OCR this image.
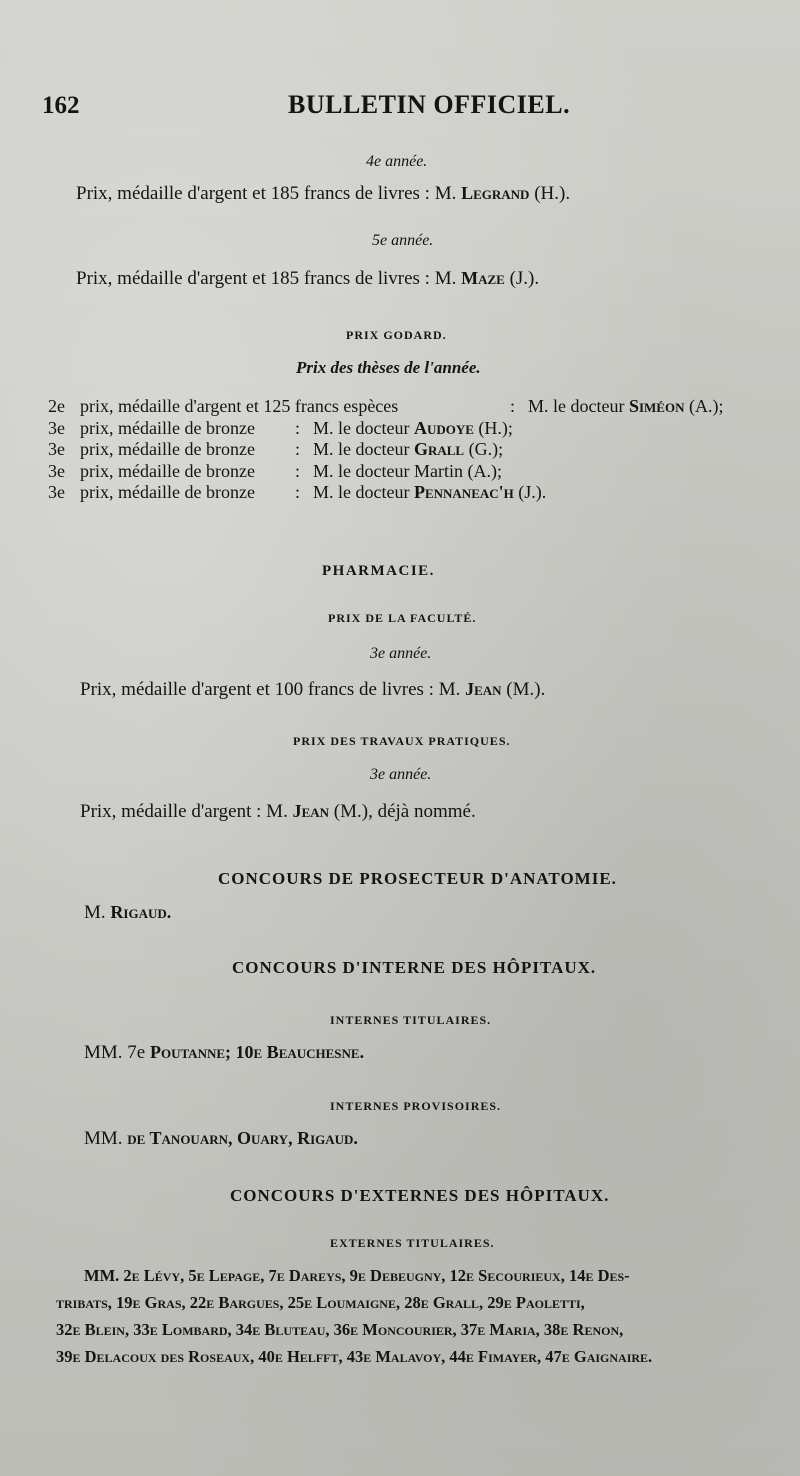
162	BULLETIN OFFICIEL.
4e année.
Prix, médaille d'argent et 185 francs de livres : M. Legrand (H.).
5e année.
Prix, médaille d'argent et 185 francs de livres : M. Maze (J.).
PRIX GODARD.
Prix des thèses de l'année.
2e prix, médaille d'argent et 125 francs espèces	: M. le docteur Siméon (A.);
3e prix, médaille de bronze	: M. le docteur Audoye (H.);
3e prix, médaille de bronze	: M. le docteur Grall (G.);
3e prix, médaille de bronze	: M. le docteur Martin (A.);
3e prix, médaille de bronze	: M. le docteur Pennaneac'h (J.).
PHARMACIE.
PRIX DE LA FACULTÉ.
3e année.
Prix, médaille d'argent et 100 francs de livres : M. Jean (M.).
PRIX DES TRAVAUX PRATIQUES.
3e année.
Prix, médaille d'argent : M. Jean (M.), déjà nommé.
CONCOURS DE PROSECTEUR D'ANATOMIE.
M. Rigaud.
CONCOURS D'INTERNE DES HÔPITAUX.
INTERNES TITULAIRES.
MM. 7e Poutanne; 10e Beauchesne.
INTERNES PROVISOIRES.
MM. de Tanouarn, Ouary, Rigaud.
CONCOURS D'EXTERNES DES HÔPITAUX.
EXTERNES TITULAIRES.
MM. 2e Lévy, 5e Lepage, 7e Dareys, 9e Debeugny, 12e Secourieux, 14e Des-
tribats, 19e Gras, 22e Bargues, 25e Loumaigne, 28e Grall, 29e Paoletti,
32e Blein, 33e Lombard, 34e Bluteau, 36e Moncourier, 37e Maria, 38e Renon,
39e Delacoux des Roseaux, 40e Helfft, 43e Malavoy, 44e Fimayer, 47e Gaignaire.
